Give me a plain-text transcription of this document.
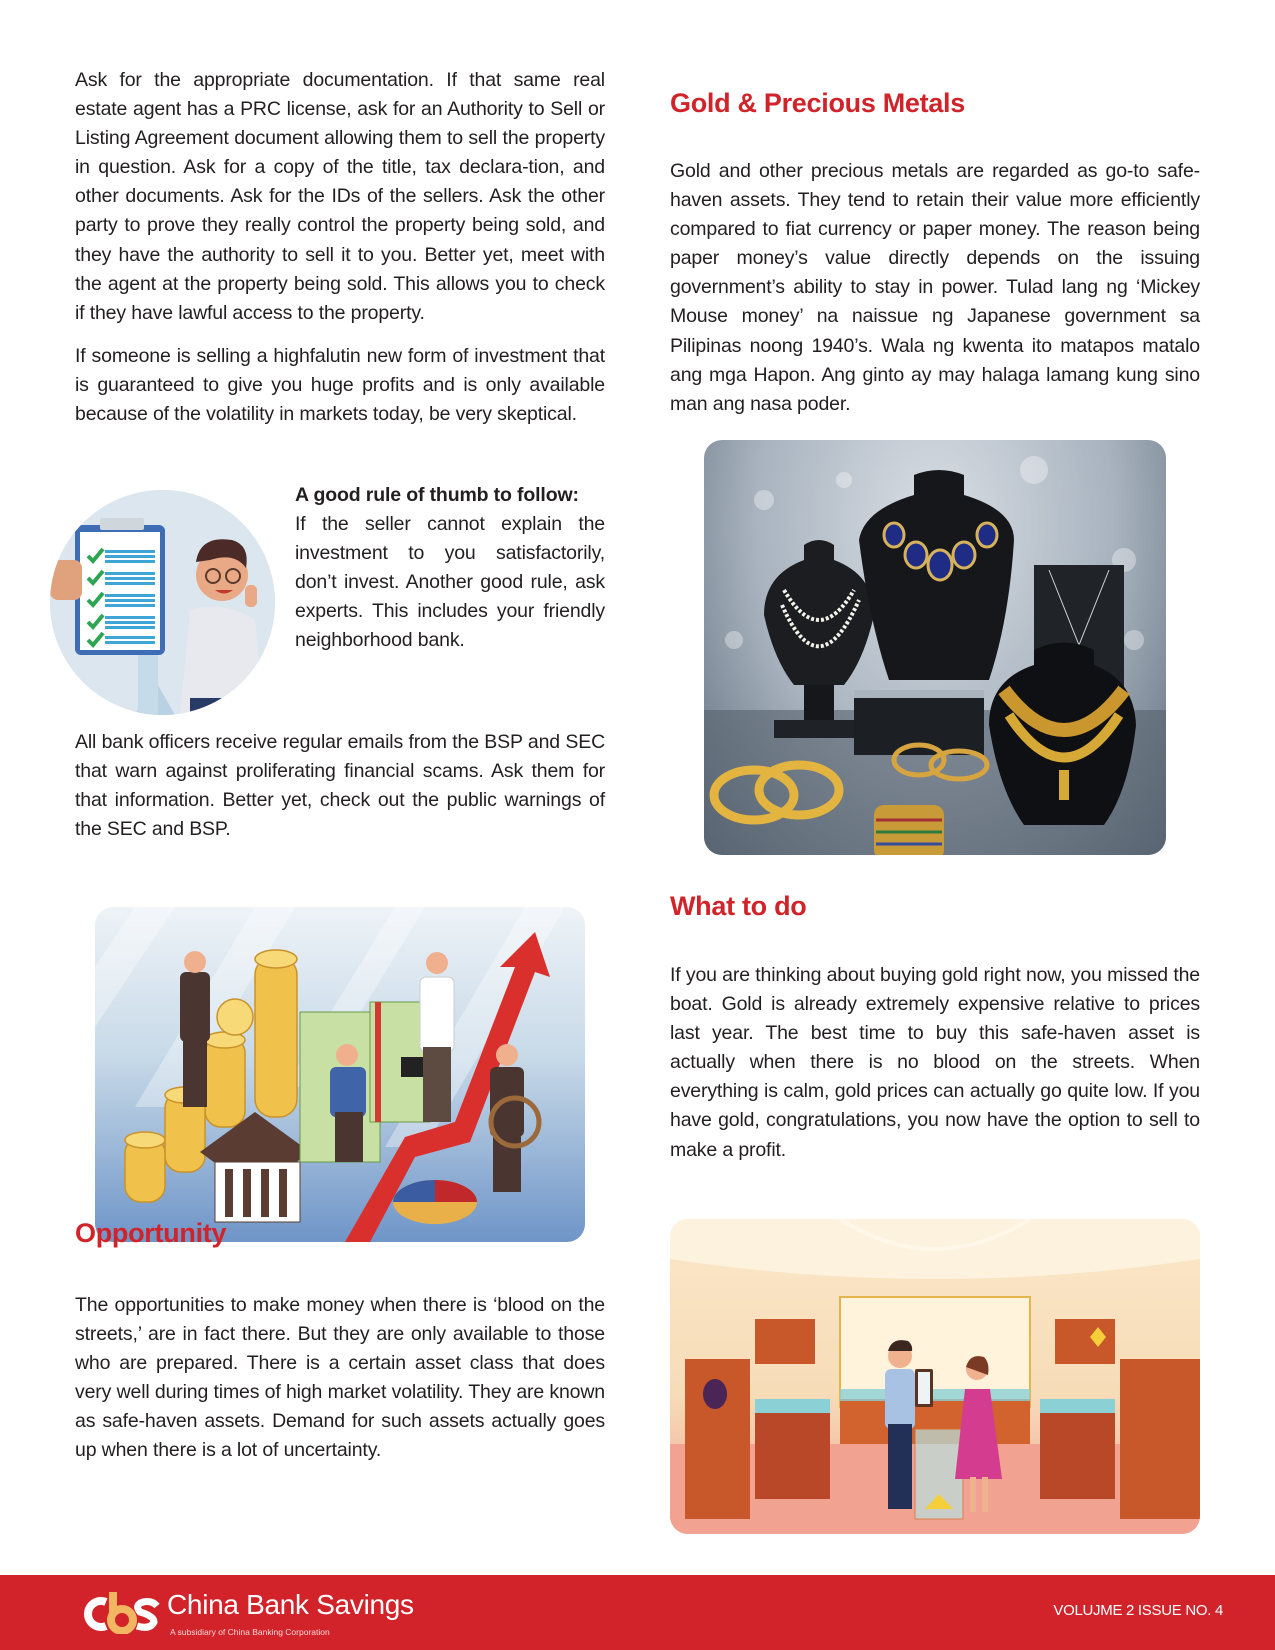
Ask for the appropriate documentation. If that same real estate agent has a PRC license, ask for an Authority to Sell or Listing Agreement document allowing them to sell the property in question. Ask for a copy of the title, tax declara-tion, and other documents. Ask for the IDs of the sellers. Ask the other party to prove they really control the property being sold, and they have the authority to sell it to you. Better yet, meet with the agent at the property being sold. This allows you to check if they have lawful access to the property.

If someone is selling a highfalutin new form of investment that is guaranteed to give you huge profits and is only available because of the volatility in markets today, be very skeptical.

A good rule of thumb to follow:
If the seller cannot explain the investment to you satisfactorily, don’t invest. Another good rule, ask experts. This includes your friendly neighborhood bank.

All bank officers receive regular emails from the BSP and SEC that warn against proliferating financial scams. Ask them for that information. Better yet, check out the public warnings of the SEC and BSP.

Opportunity

The opportunities to make money when there is ‘blood on the streets,’ are in fact there. But they are only available to those who are prepared. There is a certain asset class that does very well during times of high market volatility. They are known as safe-haven assets. Demand for such assets actually goes up when there is a lot of uncertainty.

Gold & Precious Metals

Gold and other precious metals are regarded as go-to safe-haven assets. They tend to retain their value more efficiently compared to fiat currency or paper money. The reason being paper money’s value directly depends on the issuing government’s ability to stay in power. Tulad lang ng ‘Mickey Mouse money’ na naissue ng Japanese government sa Pilipinas noong 1940’s. Wala ng kwenta ito matapos matalo ang mga Hapon. Ang ginto ay may halaga lamang kung sino man ang nasa poder.

What to do

If you are thinking about buying gold right now, you missed the boat. Gold is already extremely expensive relative to prices last year. The best time to buy this safe-haven asset is actually when there is no blood on the streets. When everything is calm, gold prices can actually go quite low. If you have gold, congratulations, you now have the option to sell to make a profit.

China Bank Savings
A subsidiary of China Banking Corporation
VOLUJME 2 ISSUE NO. 4
